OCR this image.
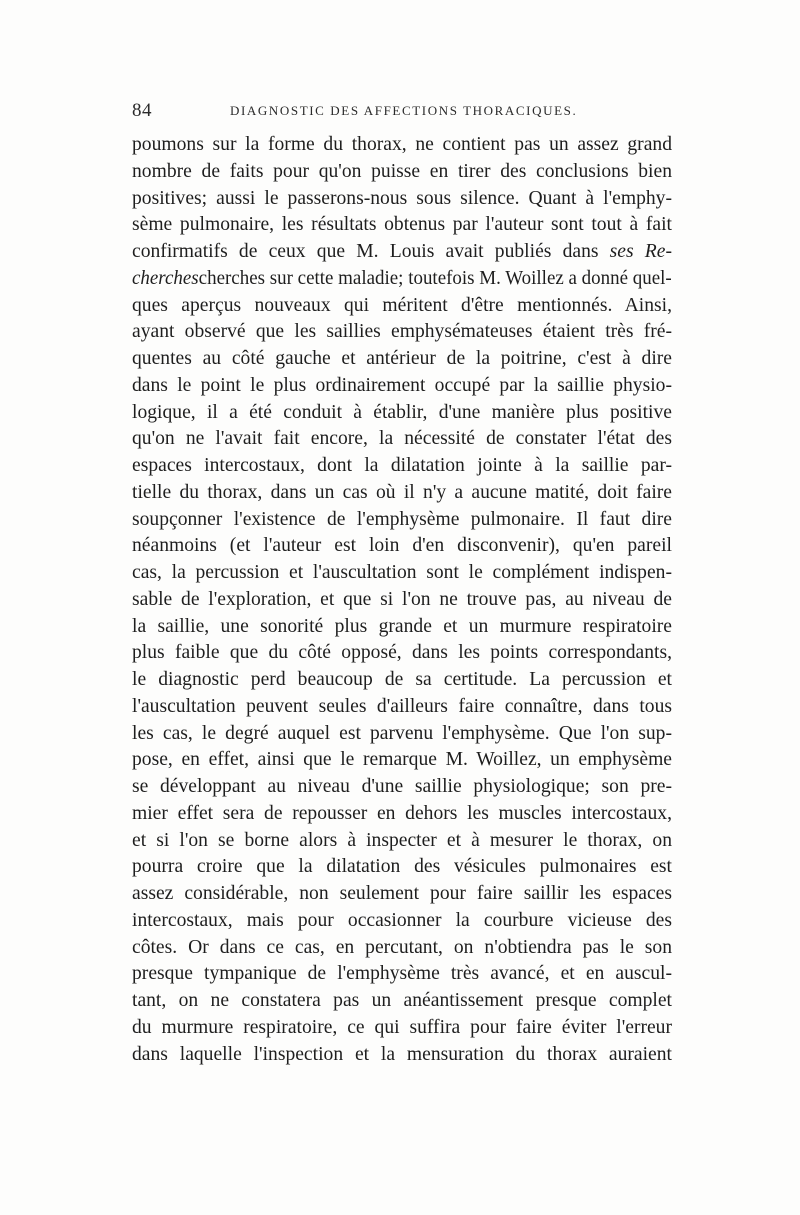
84	DIAGNOSTIC DES AFFECTIONS THORACIQUES.
poumons sur la forme du thorax, ne contient pas un assez grand
nombre de faits pour qu'on puisse en tirer des conclusions bien
positives; aussi le passerons-nous sous silence. Quant à l'emphy-
sème pulmonaire, les résultats obtenus par l'auteur sont tout à fait
confirmatifs de ceux que M. Louis avait publiés dans ses Re-
cherchescherches sur cette maladie; toutefois M. Woillez a donné quel-
ques aperçus nouveaux qui méritent d'être mentionnés. Ainsi,
ayant observé que les saillies emphysémateuses étaient très fré-
quentes au côté gauche et antérieur de la poitrine, c'est à dire
dans le point le plus ordinairement occupé par la saillie physio-
logique, il a été conduit à établir, d'une manière plus positive
qu'on ne l'avait fait encore, la nécessité de constater l'état des
espaces intercostaux, dont la dilatation jointe à la saillie par-
tielle du thorax, dans un cas où il n'y a aucune matité, doit faire
soupçonner l'existence de l'emphysème pulmonaire. Il faut dire
néanmoins (et l'auteur est loin d'en disconvenir), qu'en pareil
cas, la percussion et l'auscultation sont le complément indispen-
sable de l'exploration, et que si l'on ne trouve pas, au niveau de
la saillie, une sonorité plus grande et un murmure respiratoire
plus faible que du côté opposé, dans les points correspondants,
le diagnostic perd beaucoup de sa certitude. La percussion et
l'auscultation peuvent seules d'ailleurs faire connaître, dans tous
les cas, le degré auquel est parvenu l'emphysème. Que l'on sup-
pose, en effet, ainsi que le remarque M. Woillez, un emphysème
se développant au niveau d'une saillie physiologique; son pre-
mier effet sera de repousser en dehors les muscles intercostaux,
et si l'on se borne alors à inspecter et à mesurer le thorax, on
pourra croire que la dilatation des vésicules pulmonaires est
assez considérable, non seulement pour faire saillir les espaces
intercostaux, mais pour occasionner la courbure vicieuse des
côtes. Or dans ce cas, en percutant, on n'obtiendra pas le son
presque tympanique de l'emphysème très avancé, et en auscul-
tant, on ne constatera pas un anéantissement presque complet
du murmure respiratoire, ce qui suffira pour faire éviter l'erreur
dans laquelle l'inspection et la mensuration du thorax auraient
